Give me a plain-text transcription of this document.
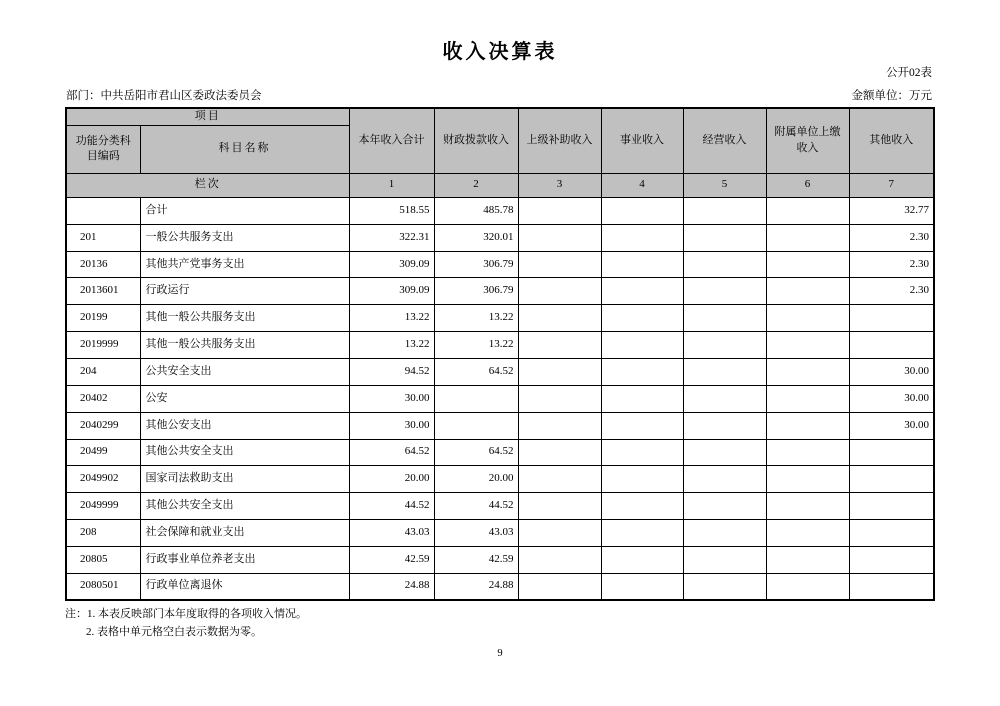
收入决算表
公开02表
部门：中共岳阳市君山区委政法委员会	金额单位：万元
项目		本年收入合计	财政拨款收入	上级补助收入	事业收入	经营收入	附属单位上缴收入	其他收入
功能分类科目编码	科目名称							
栏次		1	2	3	4	5	6	7
	合计	518.55	485.78					32.77
201	一般公共服务支出	322.31	320.01					2.30
20136	其他共产党事务支出	309.09	306.79					2.30
2013601	行政运行	309.09	306.79					2.30
20199	其他一般公共服务支出	13.22	13.22					
2019999	其他一般公共服务支出	13.22	13.22					
204	公共安全支出	94.52	64.52					30.00
20402	公安	30.00						30.00
2040299	其他公安支出	30.00						30.00
20499	其他公共安全支出	64.52	64.52					
2049902	国家司法救助支出	20.00	20.00					
2049999	其他公共安全支出	44.52	44.52					
208	社会保障和就业支出	43.03	43.03					
20805	行政事业单位养老支出	42.59	42.59					
2080501	行政单位离退休	24.88	24.88					
注：1. 本表反映部门本年度取得的各项收入情况。
2. 表格中单元格空白表示数据为零。
9
